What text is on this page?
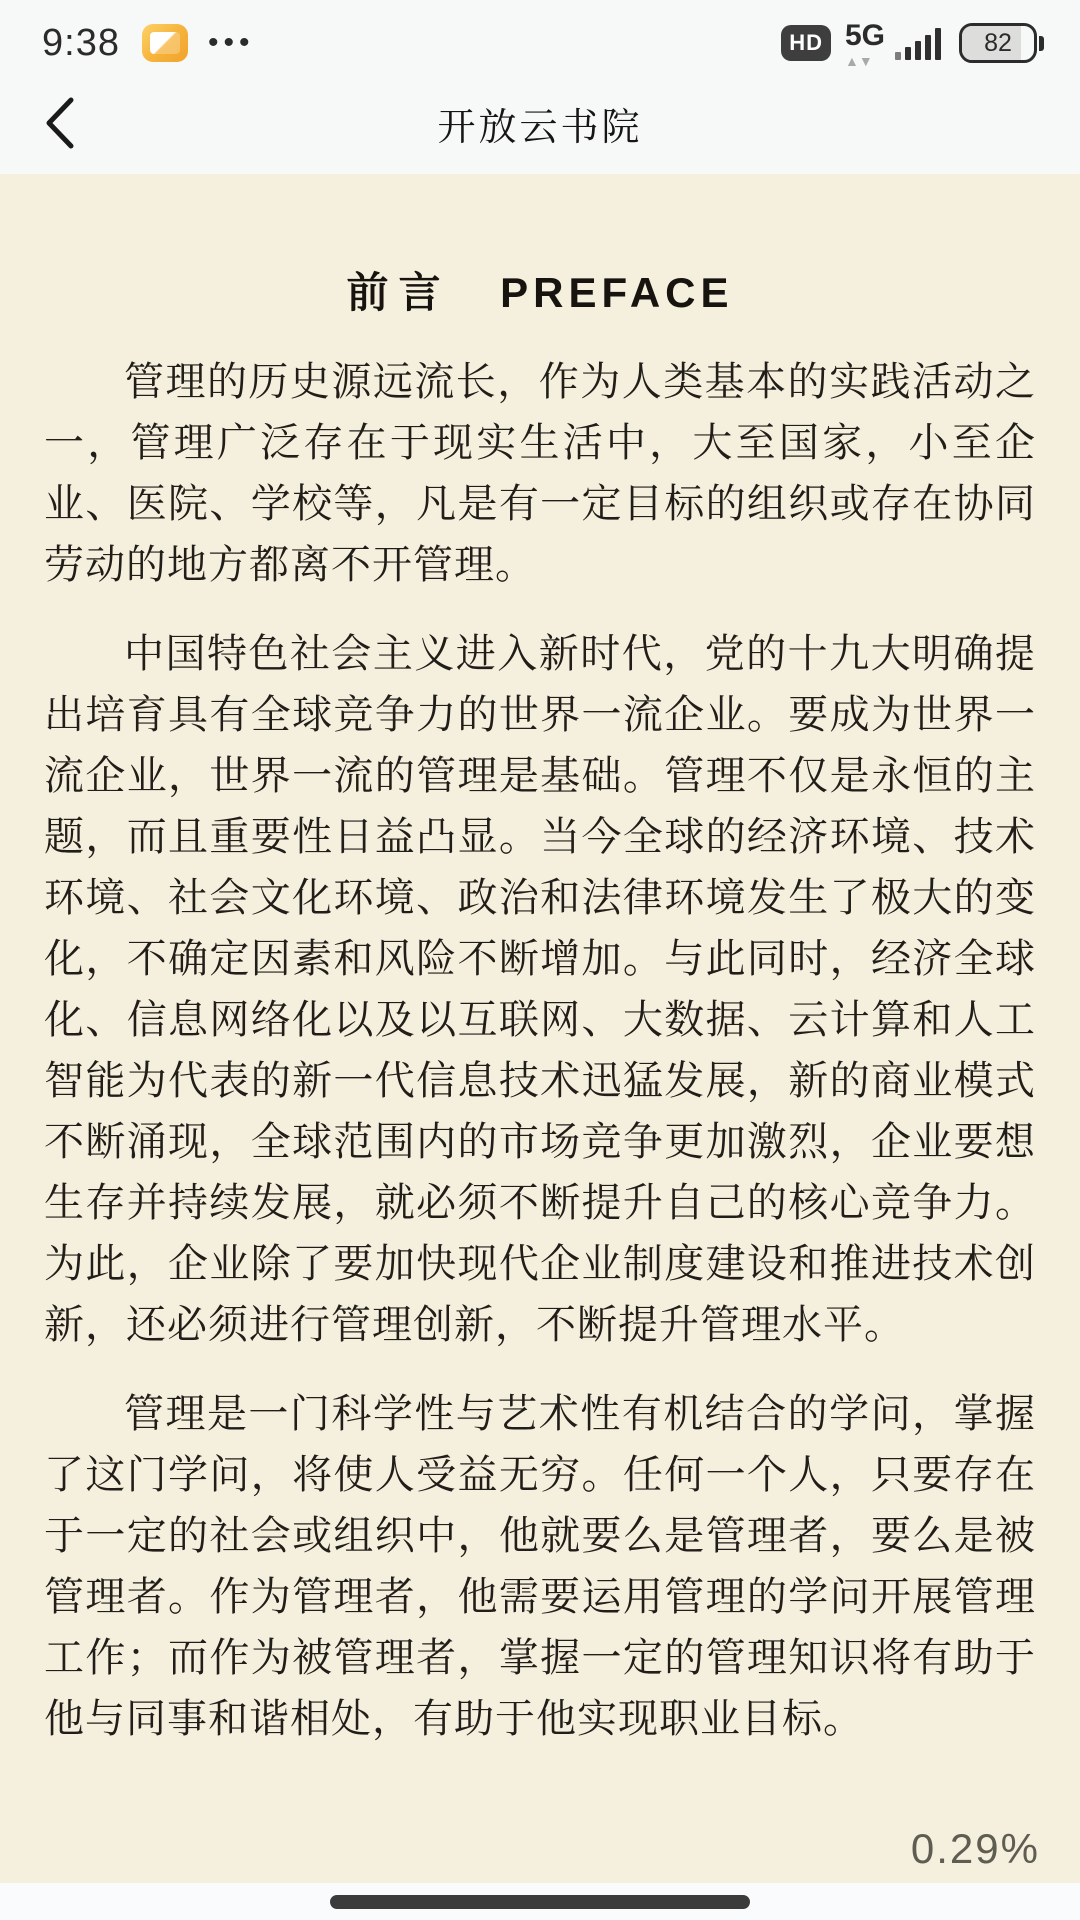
9:38	•••	HD 5G
▲▼
82
开放云书院
前言 PREFACE

管理的历史源远流长，作为人类基本的实践活动之一，管理广泛存在于现实生活中，大至国家，小至企业、医院、学校等，凡是有一定目标的组织或存在协同劳动的地方都离不开管理。

中国特色社会主义进入新时代，党的十九大明确提出培育具有全球竞争力的世界一流企业。要成为世界一流企业，世界一流的管理是基础。管理不仅是永恒的主题，而且重要性日益凸显。当今全球的经济环境、技术环境、社会文化环境、政治和法律环境发生了极大的变化，不确定因素和风险不断增加。与此同时，经济全球化、信息网络化以及以互联网、大数据、云计算和人工智能为代表的新一代信息技术迅猛发展，新的商业模式不断涌现，全球范围内的市场竞争更加激烈，企业要想生存并持续发展，就必须不断提升自己的核心竞争力。为此，企业除了要加快现代企业制度建设和推进技术创新，还必须进行管理创新，不断提升管理水平。

管理是一门科学性与艺术性有机结合的学问，掌握了这门学问，将使人受益无穷。任何一个人，只要存在于一定的社会或组织中，他就要么是管理者，要么是被管理者。作为管理者，他需要运用管理的学问开展管理工作；而作为被管理者，掌握一定的管理知识将有助于他与同事和谐相处，有助于他实现职业目标。

0.29%
